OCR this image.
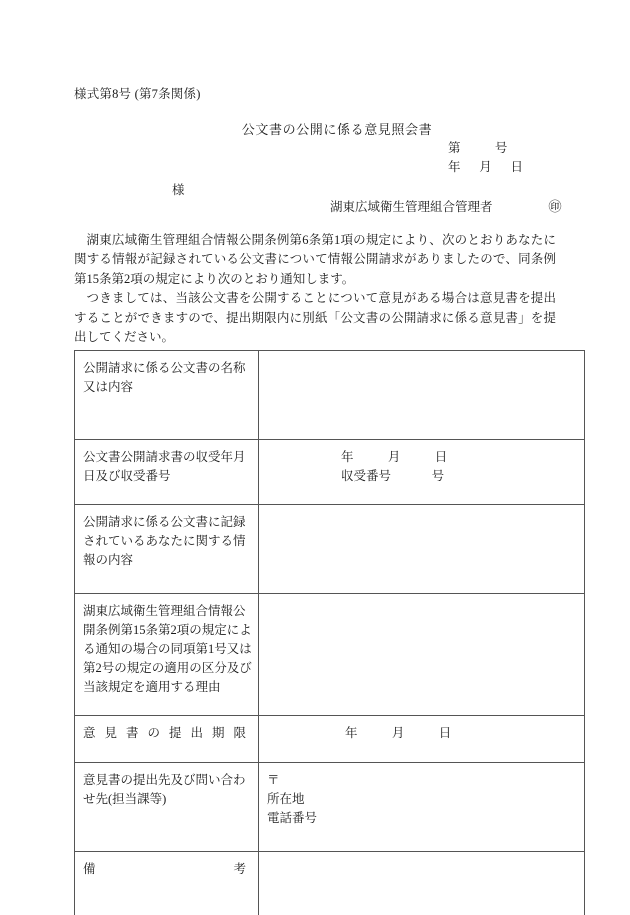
様式第8号 (第7条関係)
公文書の公開に係る意見照会書
第           号
年      月      日
様
湖東広域衛生管理組合管理者	㊞

湖東広域衛生管理組合情報公開条例第6条第1項の規定により、次のとおりあなたに関する情報が記録されている公文書について情報公開請求がありましたので、同条例第15条第2項の規定により次のとおり通知します。

つきましては、当該公文書を公開することについて意見がある場合は意見書を提出することができますので、提出期限内に別紙「公文書の公開請求に係る意見書」を提出してください。

公開請求に係る公文書の名称又は内容	
公文書公開請求書の収受年月日及び収受番号	年           月           日
収受番号             号

公開請求に係る公文書に記録されているあなたに関する情報の内容	
湖東広域衛生管理組合情報公開条例第15条第2項の規定による通知の場合の同項第1号又は第2号の規定の適用の区分及び当該規定を適用する理由	

意見書の提出期限	年           月           日

意見書の提出先及び問い合わせ先(担当課等)	〒
所在地
電話番号

備考	
